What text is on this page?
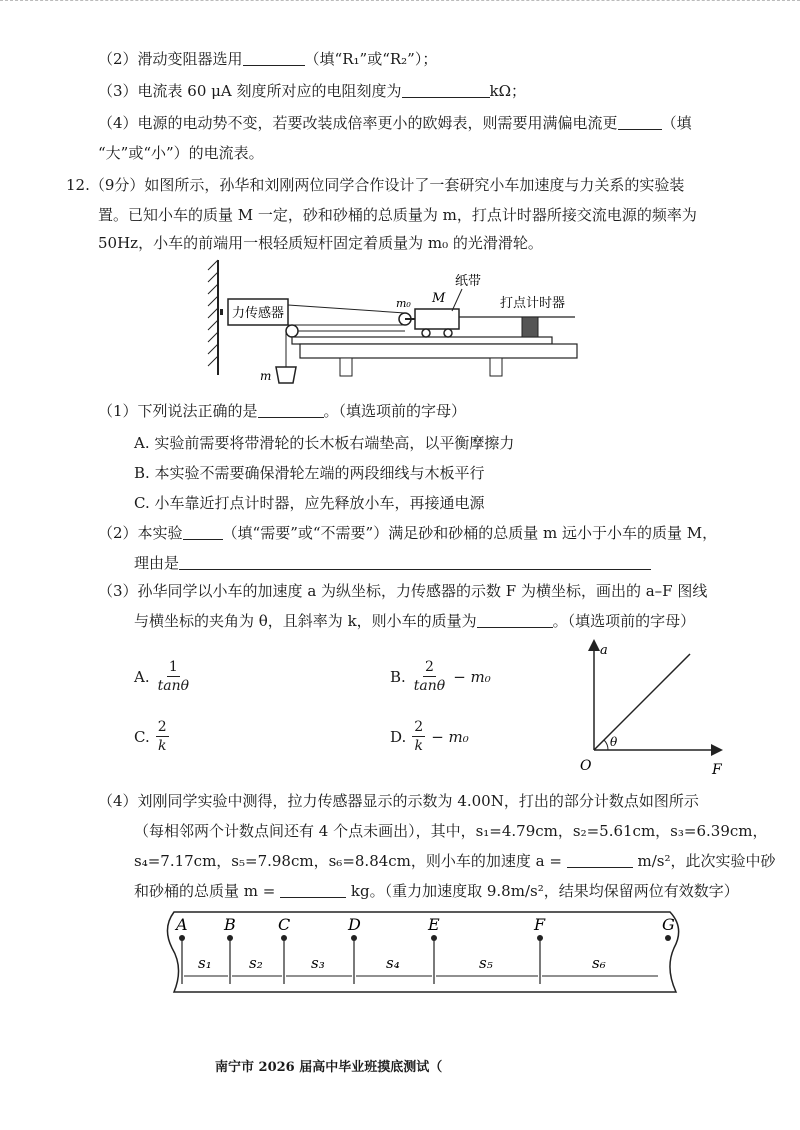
（2）滑动变阻器选用	（填“R₁”或“R₂”）；
（3）电流表 60 μA 刻度所对应的电阻刻度为	kΩ；
（4）电源的电动势不变，若要改装成倍率更小的欧姆表，则需要用满偏电流更	（填
“大”或“小”）的电流表。
12.（9分）如图所示，孙华和刘刚两位同学合作设计了一套研究小车加速度与力关系的实验装
置。已知小车的质量 M 一定，砂和砂桶的总质量为 m，打点计时器所接交流电源的频率为
50Hz，小车的前端用一根轻质短杆固定着质量为 m₀ 的光滑滑轮。
力传感器
m
m₀ M
纸带
打点计时器
（1）下列说法正确的是	。（填选项前的字母）
A. 实验前需要将带滑轮的长木板右端垫高，以平衡摩擦力
B. 本实验不需要确保滑轮左端的两段细线与木板平行
C. 小车靠近打点计时器，应先释放小车，再接通电源
（2）本实验	（填“需要”或“不需要”）满足砂和砂桶的总质量 m 远小于小车的质量 M，
理由是
（3）孙华同学以小车的加速度 a 为纵坐标，力传感器的示数 F 为横坐标，画出的 a–F 图线
与横坐标的夹角为 θ，且斜率为 k，则小车的质量为	。（填选项前的字母）
A. $\frac{1}{\tan\theta}$	B. $\frac{2}{\tan\theta} - m_0$
C. $\frac{2}{k}$	D. $\frac{2}{k} - m_0$
a
F
O
θ
（4）刘刚同学实验中测得，拉力传感器显示的示数为 4.00N，打出的部分计数点如图所示
（每相邻两个计数点间还有 4 个点未画出），其中，s₁=4.79cm，s₂=5.61cm，s₃=6.39cm，
s₄=7.17cm，s₅=7.98cm，s₆=8.84cm，则小车的加速度 a =	m/s²，此次实验中砂
和砂桶的总质量 m =	kg。（重力加速度取 9.8m/s²，结果均保留两位有效数字）
A B	C	D	E	F	G
s₁ s₂	s₃	s₄	s₅	s₆
南宁市 2026 届高中毕业班摸底测试（
